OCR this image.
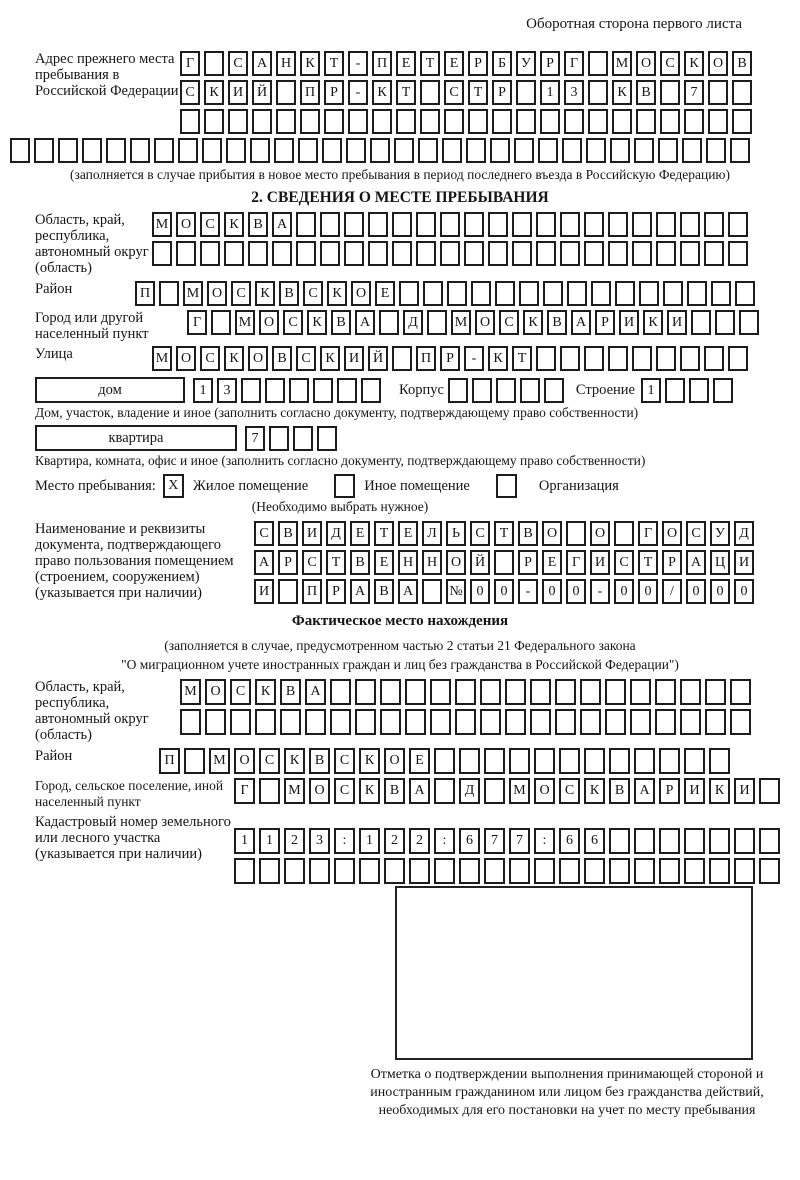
Оборотная сторона первого листа
Адрес прежнего места пребывания в Российской Федерации
Г	С	А Н	К	Т	-	П	Е	Т	Е	Р	Б	У	Р	Г	М О	С	К	О	В
С	К	И Й	П	Р	-	К	Т	С	Т	Р	1	3	К	В	7
(заполняется в случае прибытия в новое место пребывания в период последнего въезда в Российскую Федерацию)
2. СВЕДЕНИЯ О МЕСТЕ ПРЕБЫВАНИЯ
Область, край, республика, автономный округ (область)
М О	С	К	В	А
Район	П	М О	С	К	В	С	К	О	Е
Город или другой населенный пункт
Г	М О	С	К	В	А	Д	М О	С	К	В	А	Р	И	К	И
Улица	М О	С	К	О	В	С	К	И Й	П	Р	-	К	Т
дом	1	3	Корпус	Строение 1
Дом, участок, владение и иное (заполнить согласно документу, подтверждающему право собственности)
квартира	7
Квартира, комната, офис и иное (заполнить согласно документу, подтверждающему право собственности)
Место пребывания: X Жилое помещение	Иное помещение	Организация
(Необходимо выбрать нужное)
Наименование и реквизиты документа, подтверждающего право пользования помещением (строением, сооружением) (указывается при наличии)
С	В	И	Д	Е	Т	Е	Л	Ь	С	Т	В	О	О	Г	О	С	У	Д
А	Р	С	Т	В	Е	Н Н О Й	Р	Е	Г	И	С	Т	Р	А Ц И
И	П	Р	А	В	А	№ 0	0	-	0	0	-	0	0	/	0	0	0
Фактическое место нахождения
(заполняется в случае, предусмотренном частью 2 статьи 21 Федерального закона
"О миграционном учете иностранных граждан и лиц без гражданства в Российской Федерации")
Область, край, республика, автономный округ (область)
М О	С	К	В	А
Район	П	М О	С	К	В	С	К	О	Е
Город, сельское поселение, иной населенный пункт
Г	М О	С	К	В	А	Д	М О	С	К	В	А	Р	И	К	И
Кадастровый номер земельного или лесного участка (указывается при наличии)
1	1	2	3	:	1	2	2	:	6	7	7	:	6	6
Отметка о подтверждении выполнения принимающей стороной и иностранным гражданином или лицом без гражданства действий, необходимых для его постановки на учет по месту пребывания
